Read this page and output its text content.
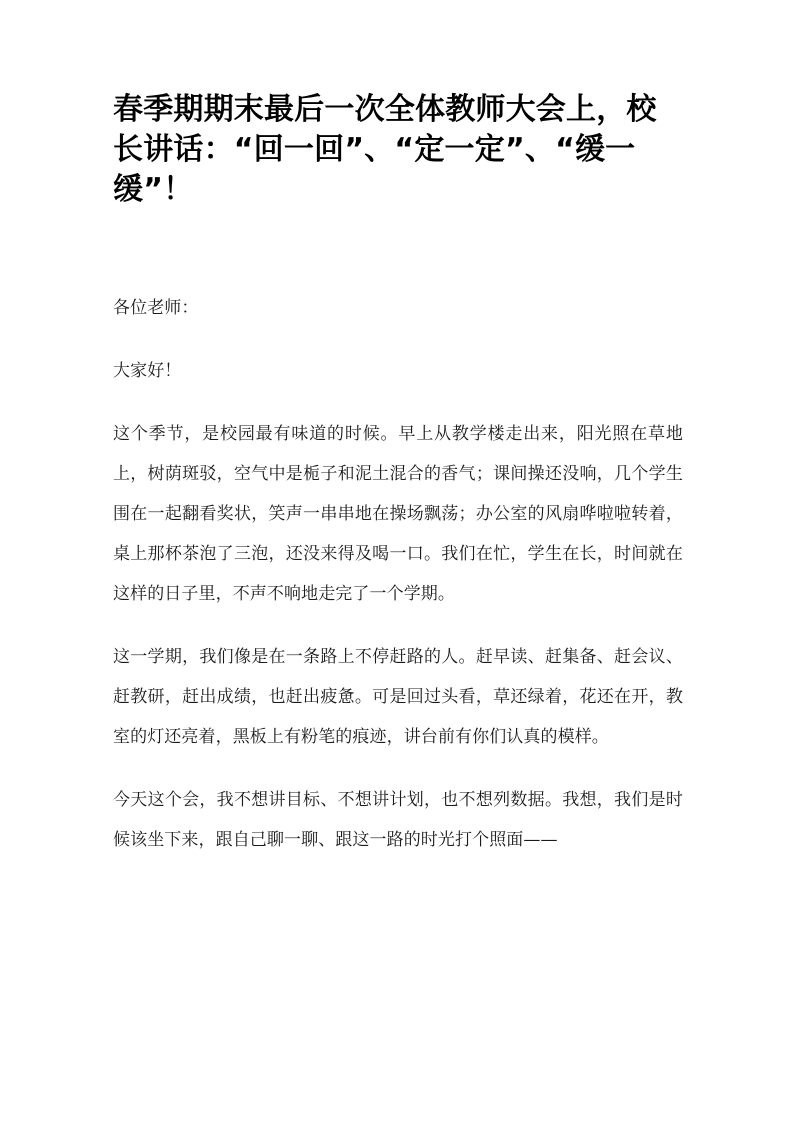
春季期期末最后一次全体教师大会上，校长讲话：“回一回”、“定一定”、“缓一缓”！

各位老师：

大家好！

这个季节，是校园最有味道的时候。早上从教学楼走出来，阳光照在草地上，树荫斑驳，空气中是栀子和泥土混合的香气；课间操还没响，几个学生围在一起翻看奖状，笑声一串串地在操场飘荡；办公室的风扇哗啦啦转着，桌上那杯茶泡了三泡，还没来得及喝一口。我们在忙，学生在长，时间就在这样的日子里，不声不响地走完了一个学期。

这一学期，我们像是在一条路上不停赶路的人。赶早读、赶集备、赶会议、赶教研，赶出成绩，也赶出疲惫。可是回过头看，草还绿着，花还在开，教室的灯还亮着，黑板上有粉笔的痕迹，讲台前有你们认真的模样。

今天这个会，我不想讲目标、不想讲计划，也不想列数据。我想，我们是时候该坐下来，跟自己聊一聊、跟这一路的时光打个照面——
